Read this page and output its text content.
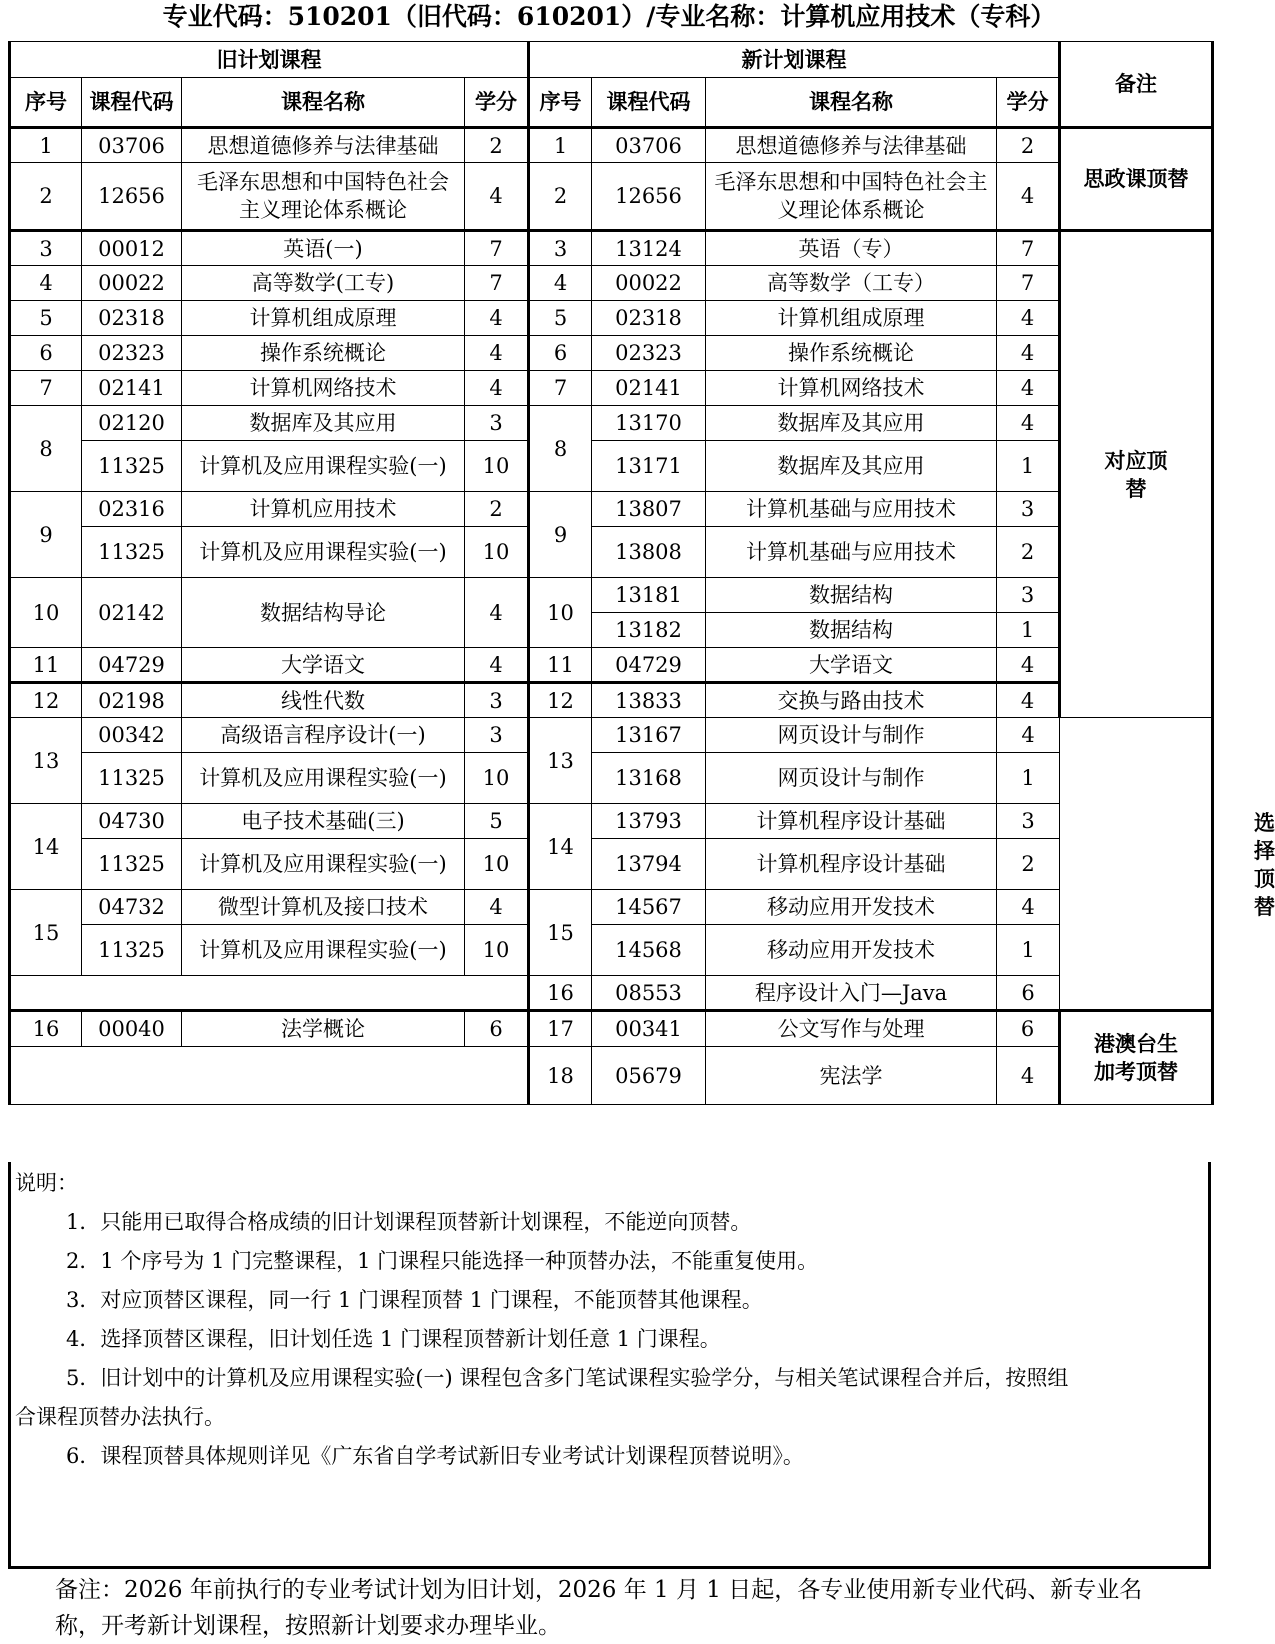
专业代码：510201（旧代码：610201）/专业名称：计算机应用技术（专科）
旧计划课程				新计划课程				备注	
序号	课程代码	课程名称	学分	序号	课程代码	课程名称	学分		
1	03706	思想道德修养与法律基础	2	1	03706	思想道德修养与法律基础	2	思政课顶替	
2	12656	毛泽东思想和中国特色社会主义理论体系概论	4	2	12656	毛泽东思想和中国特色社会主义理论体系概论	4		
3	00012	英语(一)	7	3	13124	英语（专）	7	对应顶替	
4	00022	高等数学(工专)	7	4	00022	高等数学（工专）	7		
5	02318	计算机组成原理	4	5	02318	计算机组成原理	4		
6	02323	操作系统概论	4	6	02323	操作系统概论	4		
7	02141	计算机网络技术	4	7	02141	计算机网络技术	4		
8	02120	数据库及其应用	3	8	13170	数据库及其应用	4		
	11325	计算机及应用课程实验(一)	10		13171	数据库及其应用	1		
9	02316	计算机应用技术	2	9	13807	计算机基础与应用技术	3		
	11325	计算机及应用课程实验(一)	10		13808	计算机基础与应用技术	2		
10	02142	数据结构导论	4	10	13181	数据结构	3		
					13182	数据结构	1		
11	04729	大学语文	4	11	04729	大学语文	4		
12	02198	线性代数	3	12	13833	交换与路由技术	4		选择顶替
13	00342	高级语言程序设计(一)	3	13	13167	网页设计与制作	4		
	11325	计算机及应用课程实验(一)	10		13168	网页设计与制作	1		
14	04730	电子技术基础(三)	5	14	13793	计算机程序设计基础	3		
	11325	计算机及应用课程实验(一)	10		13794	计算机程序设计基础	2		
15	04732	微型计算机及接口技术	4	15	14567	移动应用开发技术	4		
	11325	计算机及应用课程实验(一)	10		14568	移动应用开发技术	1		
				16	08553	程序设计入门—Java	6		
16	00040	法学概论	6	17	00341	公文写作与处理	6	港澳台生加考顶替	
				18	05679	宪法学	4		
说明：
1．只能用已取得合格成绩的旧计划课程顶替新计划课程，不能逆向顶替。
2．1 个序号为 1 门完整课程，1 门课程只能选择一种顶替办法，不能重复使用。
3．对应顶替区课程，同一行 1 门课程顶替 1 门课程，不能顶替其他课程。
4．选择顶替区课程，旧计划任选 1 门课程顶替新计划任意 1 门课程。
5．旧计划中的计算机及应用课程实验(一) 课程包含多门笔试课程实验学分，与相关笔试课程合并后，按照组
合课程顶替办法执行。
6．课程顶替具体规则详见《广东省自学考试新旧专业考试计划课程顶替说明》。
备注：2026 年前执行的专业考试计划为旧计划，2026 年 1 月 1 日起，各专业使用新专业代码、新专业名称，开考新计划课程，按照新计划要求办理毕业。
